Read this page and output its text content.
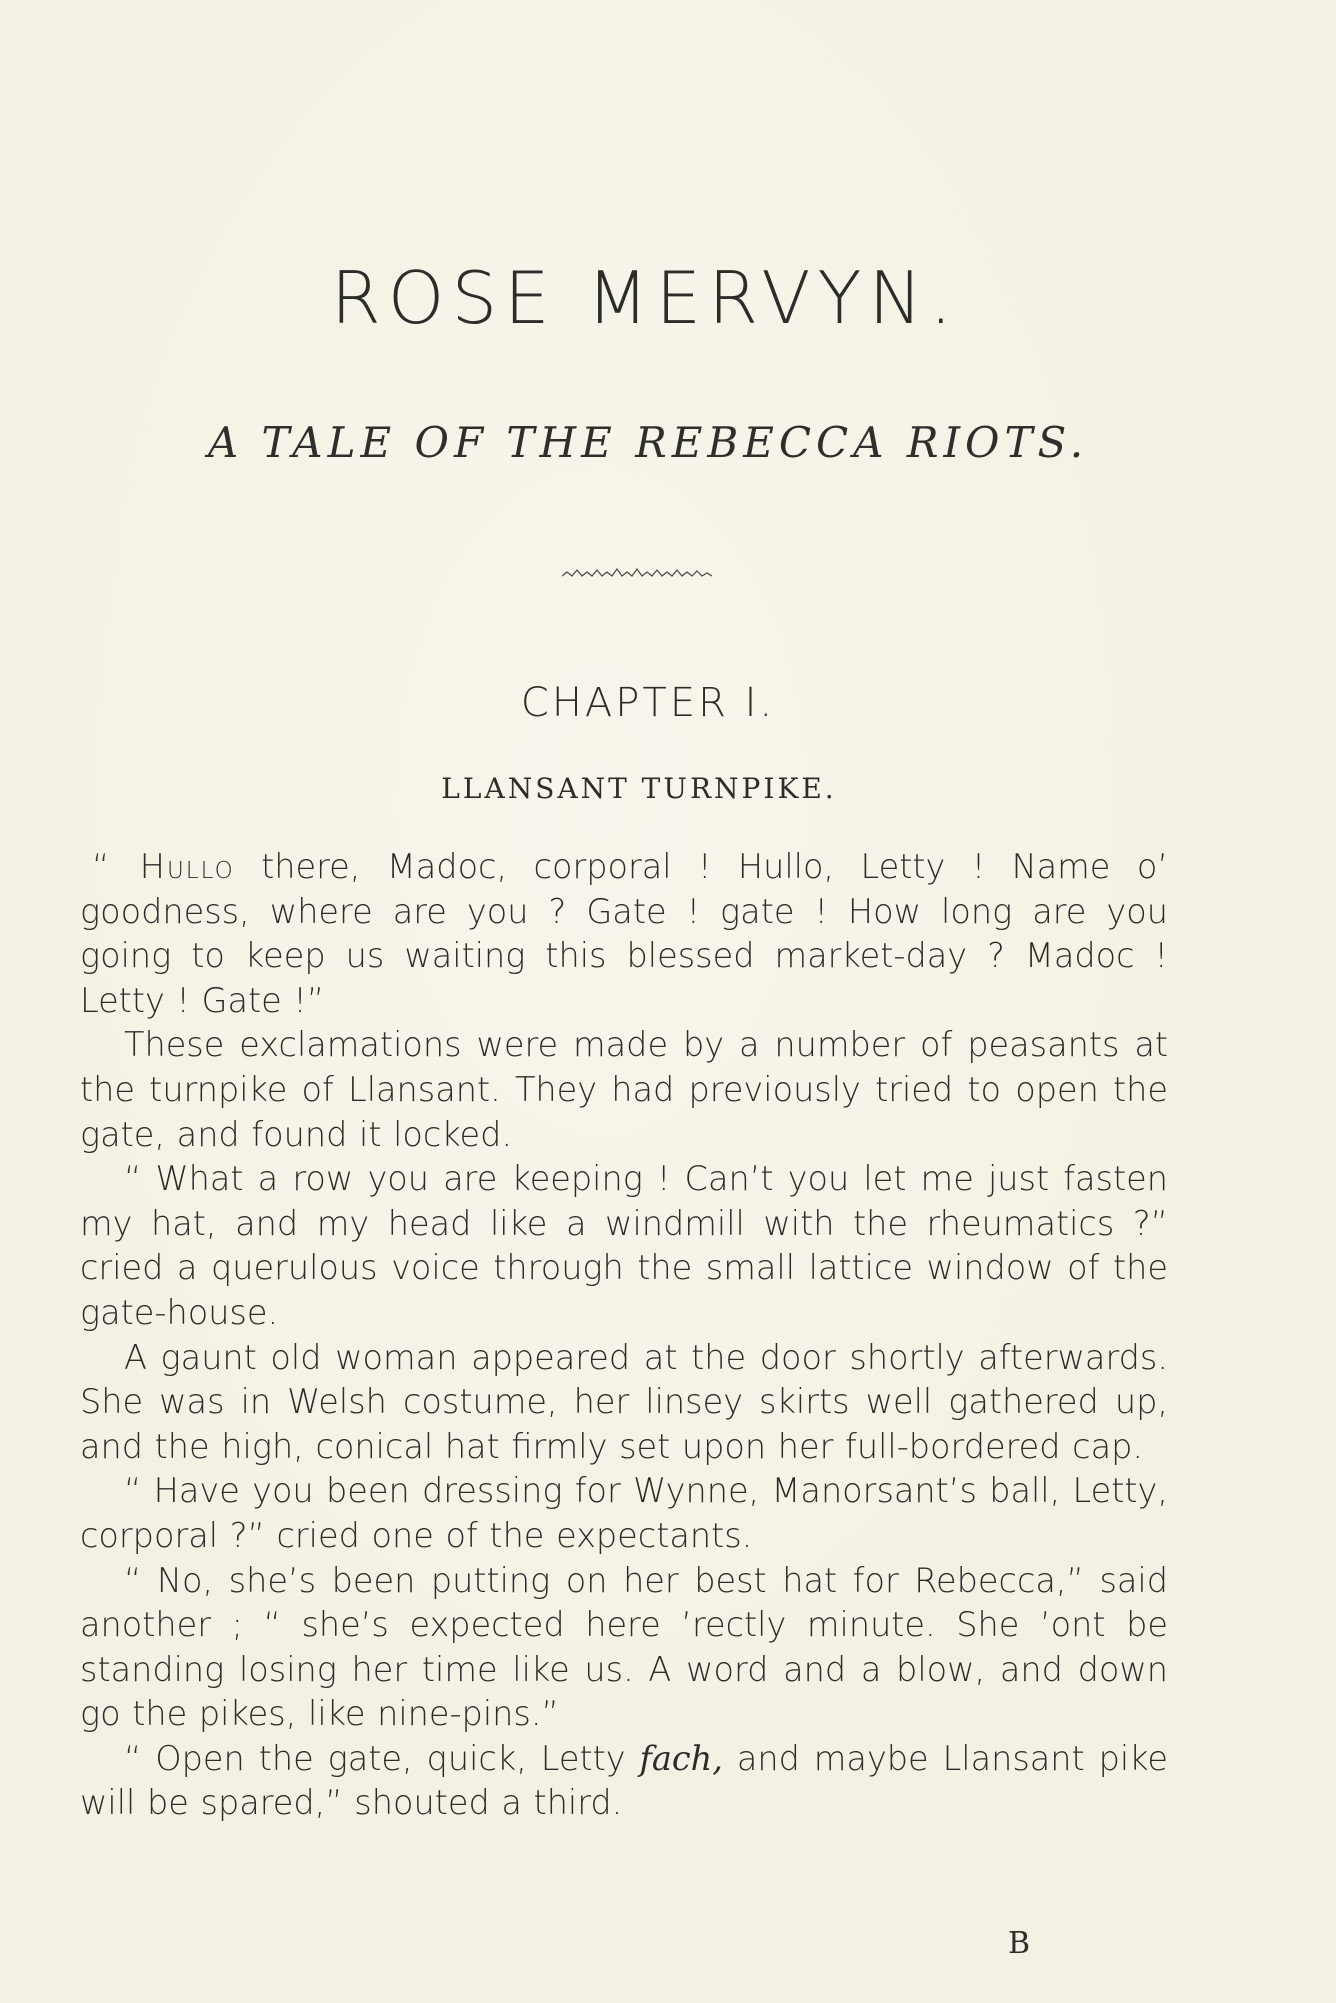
ROSE MERVYN.
A TALE OF THE REBECCA RIOTS.
CHAPTER I.
LLANSANT TURNPIKE.

“ Hullo there, Madoc, corporal ! Hullo, Letty ! Name o’ goodness, where are you ? Gate ! gate ! How long are you going to keep us waiting this blessed market-day ? Madoc ! Letty ! Gate !”

These exclamations were made by a number of peasants at the turnpike of Llansant. They had previously tried to open the gate, and found it locked.

“ What a row you are keeping ! Can’t you let me just fasten my hat, and my head like a windmill with the rheumatics ?” cried a querulous voice through the small lattice window of the gate-house.

A gaunt old woman appeared at the door shortly afterwards. She was in Welsh costume, her linsey skirts well gathered up, and the high, conical hat firmly set upon her full-bordered cap.

“ Have you been dressing for Wynne, Manorsant’s ball, Letty, corporal ?” cried one of the expectants.

“ No, she’s been putting on her best hat for Rebecca,” said another ; “ she’s expected here ’rectly minute. She ’ont be standing losing her time like us. A word and a blow, and down go the pikes, like nine-pins.”

“ Open the gate, quick, Letty fach, and maybe Llansant pike will be spared,” shouted a third.

B
